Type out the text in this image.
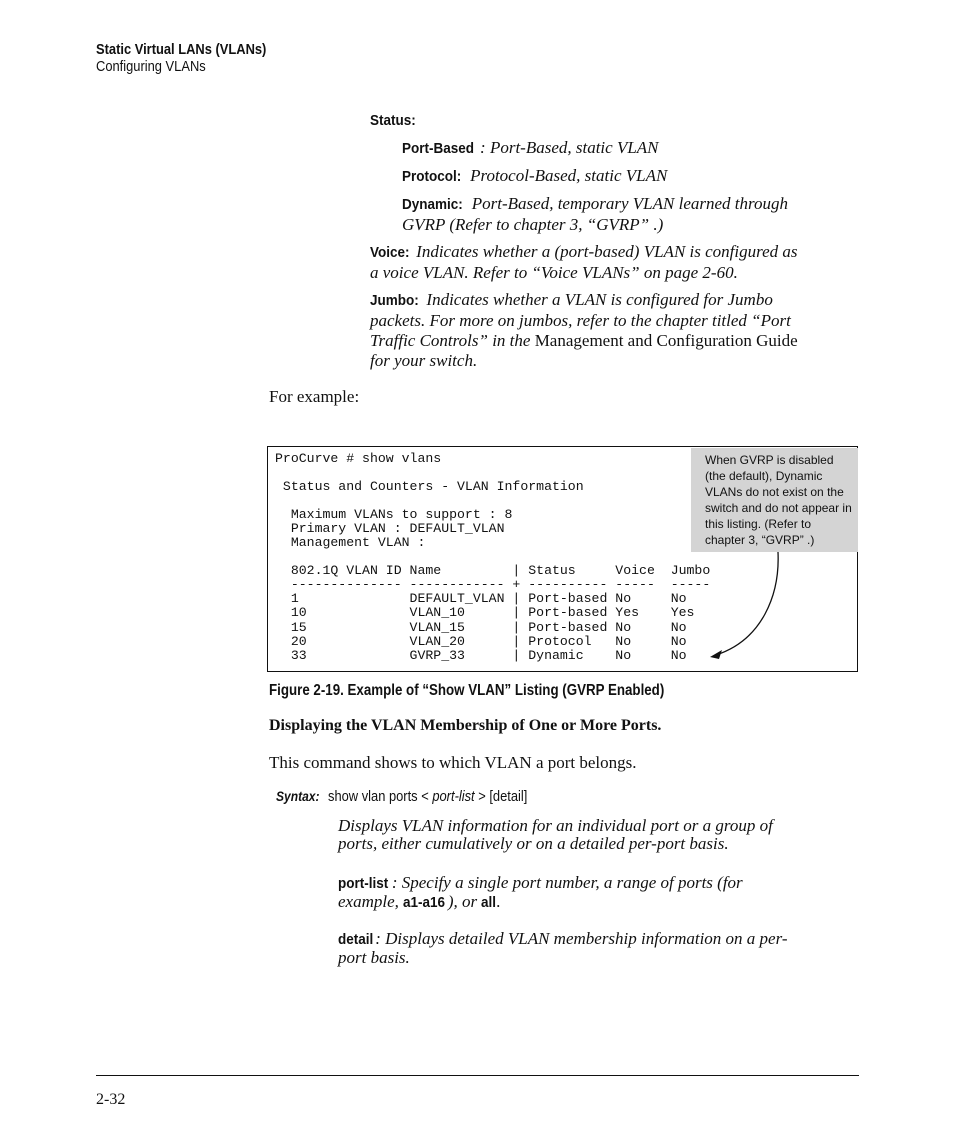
Static Virtual LANs (VLANs)
Configuring VLANs
Status:
Port-Based : Port-Based, static VLAN
Protocol: Protocol-Based, static VLAN
Dynamic: Port-Based, temporary VLAN learned through
GVRP (Refer to chapter 3, “GVRP” .)
Voice: Indicates whether a (port-based) VLAN is configured as
a voice VLAN. Refer to “Voice VLANs” on page 2-60.
Jumbo: Indicates whether a VLAN is configured for Jumbo
packets. For more on jumbos, refer to the chapter titled “Port
Traffic Controls” in the Management and Configuration Guide
for your switch.
For example:
ProCurve # show vlans
Status and Counters - VLAN Information
Maximum VLANs to support : 8
Primary VLAN : DEFAULT_VLAN
Management VLAN :
802.1Q VLAN ID Name         | Status     Voice  Jumbo
-------------- ------------ + ---------- -----  -----
1              DEFAULT_VLAN | Port-based No     No
10             VLAN_10      | Port-based Yes    Yes
15             VLAN_15      | Port-based No     No
20             VLAN_20      | Protocol   No     No
33             GVRP_33      | Dynamic    No     No
When GVRP is disabled (the default), Dynamic VLANs do not exist on the switch and do not appear in this listing. (Refer to chapter 3, “GVRP” .)
Figure 2-19. Example of “Show VLAN” Listing (GVRP Enabled)
Displaying the VLAN Membership of One or More Ports.
This command shows to which VLAN a port belongs.
Syntax: show vlan ports < port-list > [detail]
Displays VLAN information for an individual port or a group of
ports, either cumulatively or on a detailed per-port basis.
port-list : Specify a single port number, a range of ports (for
example, a1-a16 ), or all.
detail : Displays detailed VLAN membership information on a per-
port basis.
2-32
